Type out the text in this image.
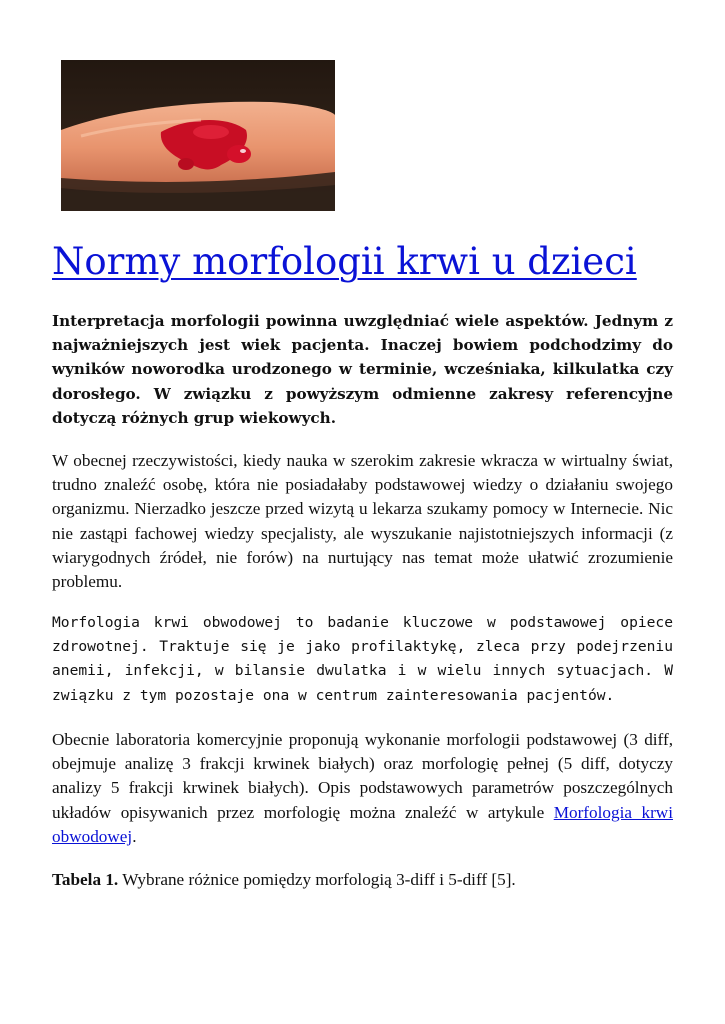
Normy morfologii krwi u dzieci

Interpretacja morfologii powinna uwzględniać wiele aspektów. Jednym z najważniejszych jest wiek pacjenta. Inaczej bowiem podchodzimy do wyników noworodka urodzonego w terminie, wcześniaka, kilkulatka czy dorosłego. W związku z powyższym odmienne zakresy referencyjne dotyczą różnych grup wiekowych.

W obecnej rzeczywistości, kiedy nauka w szerokim zakresie wkracza w wirtualny świat, trudno znaleźć osobę, która nie posiadałaby podstawowej wiedzy o działaniu swojego organizmu. Nierzadko jeszcze przed wizytą u lekarza szukamy pomocy w Internecie. Nic nie zastąpi fachowej wiedzy specjalisty, ale wyszukanie najistotniejszych informacji (z wiarygodnych źródeł, nie forów) na nurtujący nas temat może ułatwić zrozumienie problemu.

Morfologia krwi obwodowej to badanie kluczowe w podstawowej opiece zdrowotnej. Traktuje się je jako profilaktykę, zleca przy podejrzeniu anemii, infekcji, w bilansie dwulatka i w wielu innych sytuacjach. W związku z tym pozostaje ona w centrum zainteresowania pacjentów.

Obecnie laboratoria komercyjnie proponują wykonanie morfologii podstawowej (3 diff, obejmuje analizę 3 frakcji krwinek białych) oraz morfologię pełnej (5 diff, dotyczy analizy 5 frakcji krwinek białych). Opis podstawowych parametrów poszczególnych układów opisywanich przez morfologię można znaleźć w artykule Morfologia krwi obwodowej.

Tabela 1. Wybrane różnice pomiędzy morfologią 3-diff i 5-diff [5].
